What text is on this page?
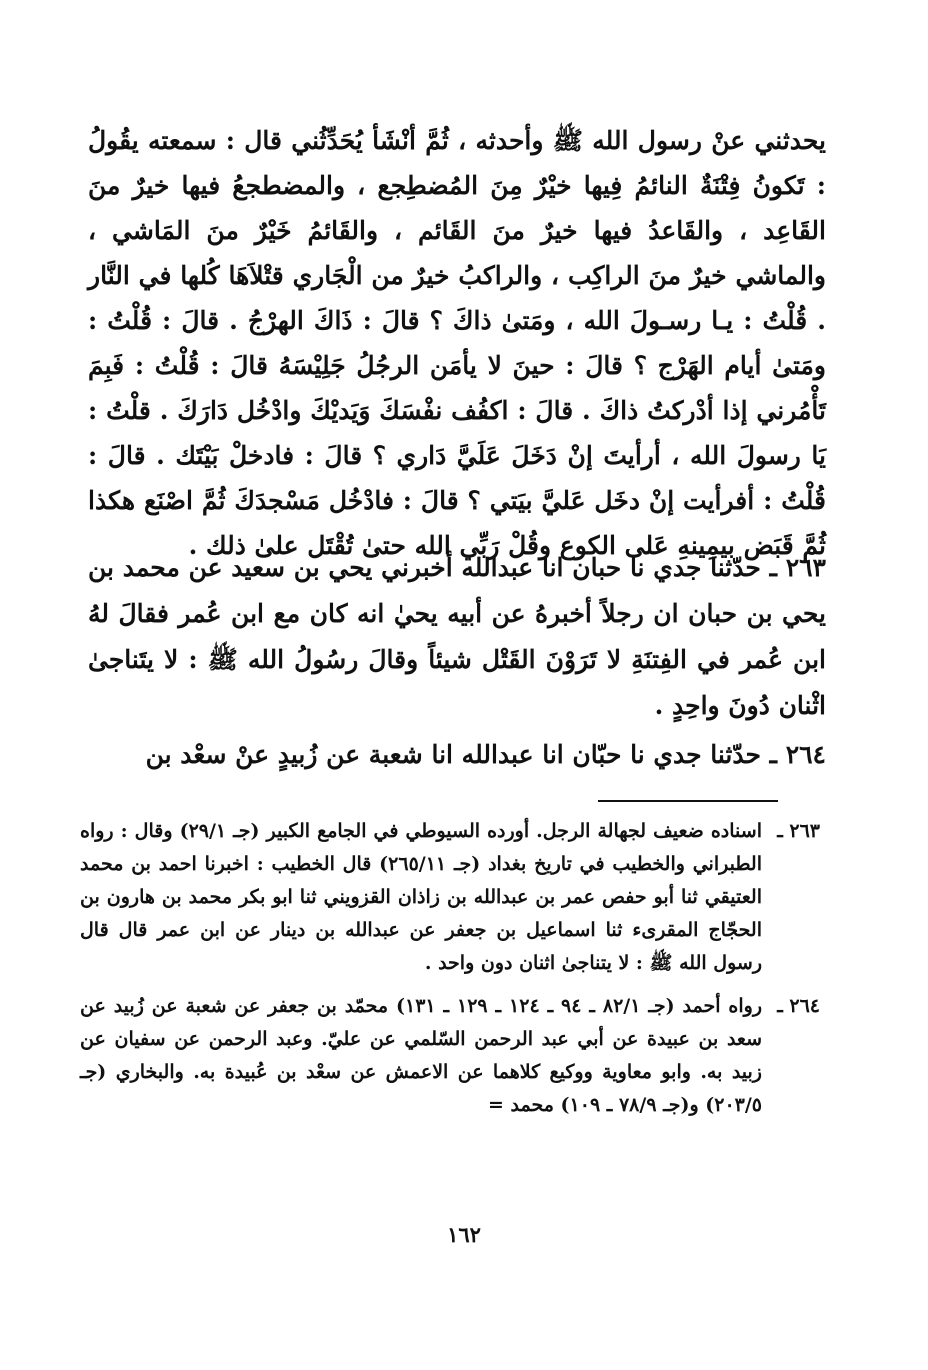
يحدثني عنْ رسول الله ﷺ وأحدثه ، ثُمَّ أنْشَأ يُحَدِّثُني قال : سمعته يقُولُ : تَكونُ فِتْنَةٌ النائمُ فِيها خيْرٌ مِنَ المُضطِجع ، والمضطجعُ فيها خيرٌ منَ القَاعِد ، والقَاعدُ فيها خيرٌ منَ القَائم ، والقَائمُ خَيْرٌ منَ المَاشي ، والماشي خيرٌ منَ الراكِب ، والراكبُ خيرٌ من الْجَاري قتْلاَهَا كُلها في النَّار . قُلْتُ : يـا رسـولَ الله ، ومَتىٰ ذاكَ ؟ قالَ : ذَاكَ الهرْجُ . قالَ : قُلْتُ : ومَتىٰ أيام الهَرْج ؟ قالَ : حينَ لا يأمَن الرجُلُ جَلِيْسَهُ قالَ : قُلْتُ : فَبِمَ تَأْمُرني إذا أدْركتُ ذاكَ . قالَ : اكفُف نفْسَكَ وَيَديْكَ وادْخُل دَارَكَ . قلْتُ : يَا رسولَ الله ، أرأيتَ إنْ دَخَلَ عَلَيَّ دَاري ؟ قالَ : فادخلْ بَيْتَك . قالَ : قُلْتُ : أفرأيت إنْ دخَل عَليَّ بيَتي ؟ قالَ : فادْخُل مَسْجدَكَ ثُمَّ اصْنَع هكذا ثُمَّ قَبَض بيمِينهِ عَلى الكوع وقُلْ رَبِّي الله حتىٰ تُقْتَل علىٰ ذلك .

٢٦٣ ـ حدّثنا جدي نا حبان انا عبدالله أخبرني يحي بن سعيد عن محمد بن يحي بن حبان ان رجلاً أخبرهُ عن أبيه يحيٰ انه كان مع ابن عُمر فقالَ لهُ ابن عُمر في الفِتنَةِ لا تَرَوْنَ القَتْل شيئاً وقالَ رسُولُ الله ﷺ : لا يتَناجىٰ اثْنان دُونَ واحِدٍ .

٢٦٤ ـ حدّثنا جدي نا حبّان انا عبدالله انا شعبة عن زُبيدٍ عنْ سعْد بن

٢٦٣ ـ
اسناده ضعيف لجهالة الرجل. أورده السيوطي في الجامع الكبير (جـ ٢٩/١) وقال : رواه الطبراني والخطيب في تاريخ بغداد (جـ ٢٦٥/١١) قال الخطيب : اخبرنا احمد بن محمد العتيقي ثنا أبو حفص عمر بن عبدالله بن زاذان القزويني ثنا ابو بكر محمد بن هارون بن الحجّاج المقرىء ثنا اسماعيل بن جعفر عن عبدالله بن دينار عن ابن عمر قال قال رسول الله ﷺ : لا يتناجىٰ اثنان دون واحد .
٢٦٤ ـ
رواه أحمد (جـ ٨٢/١ ـ ٩٤ ـ ١٢٤ ـ ١٢٩ ـ ١٣١) محمّد بن جعفر عن شعبة عن زُبيد عن سعد بن عبيدة عن أبي عبد الرحمن السّلمي عن عليّ. وعبد الرحمن عن سفيان عن زبيد به. وابو معاوية ووكيع كلاهما عن الاعمش عن سعْد بن عُبيدة به. والبخاري (جـ ٢٠٣/٥) و(جـ ٧٨/٩ ـ ١٠٩) محمد =
١٦٢
